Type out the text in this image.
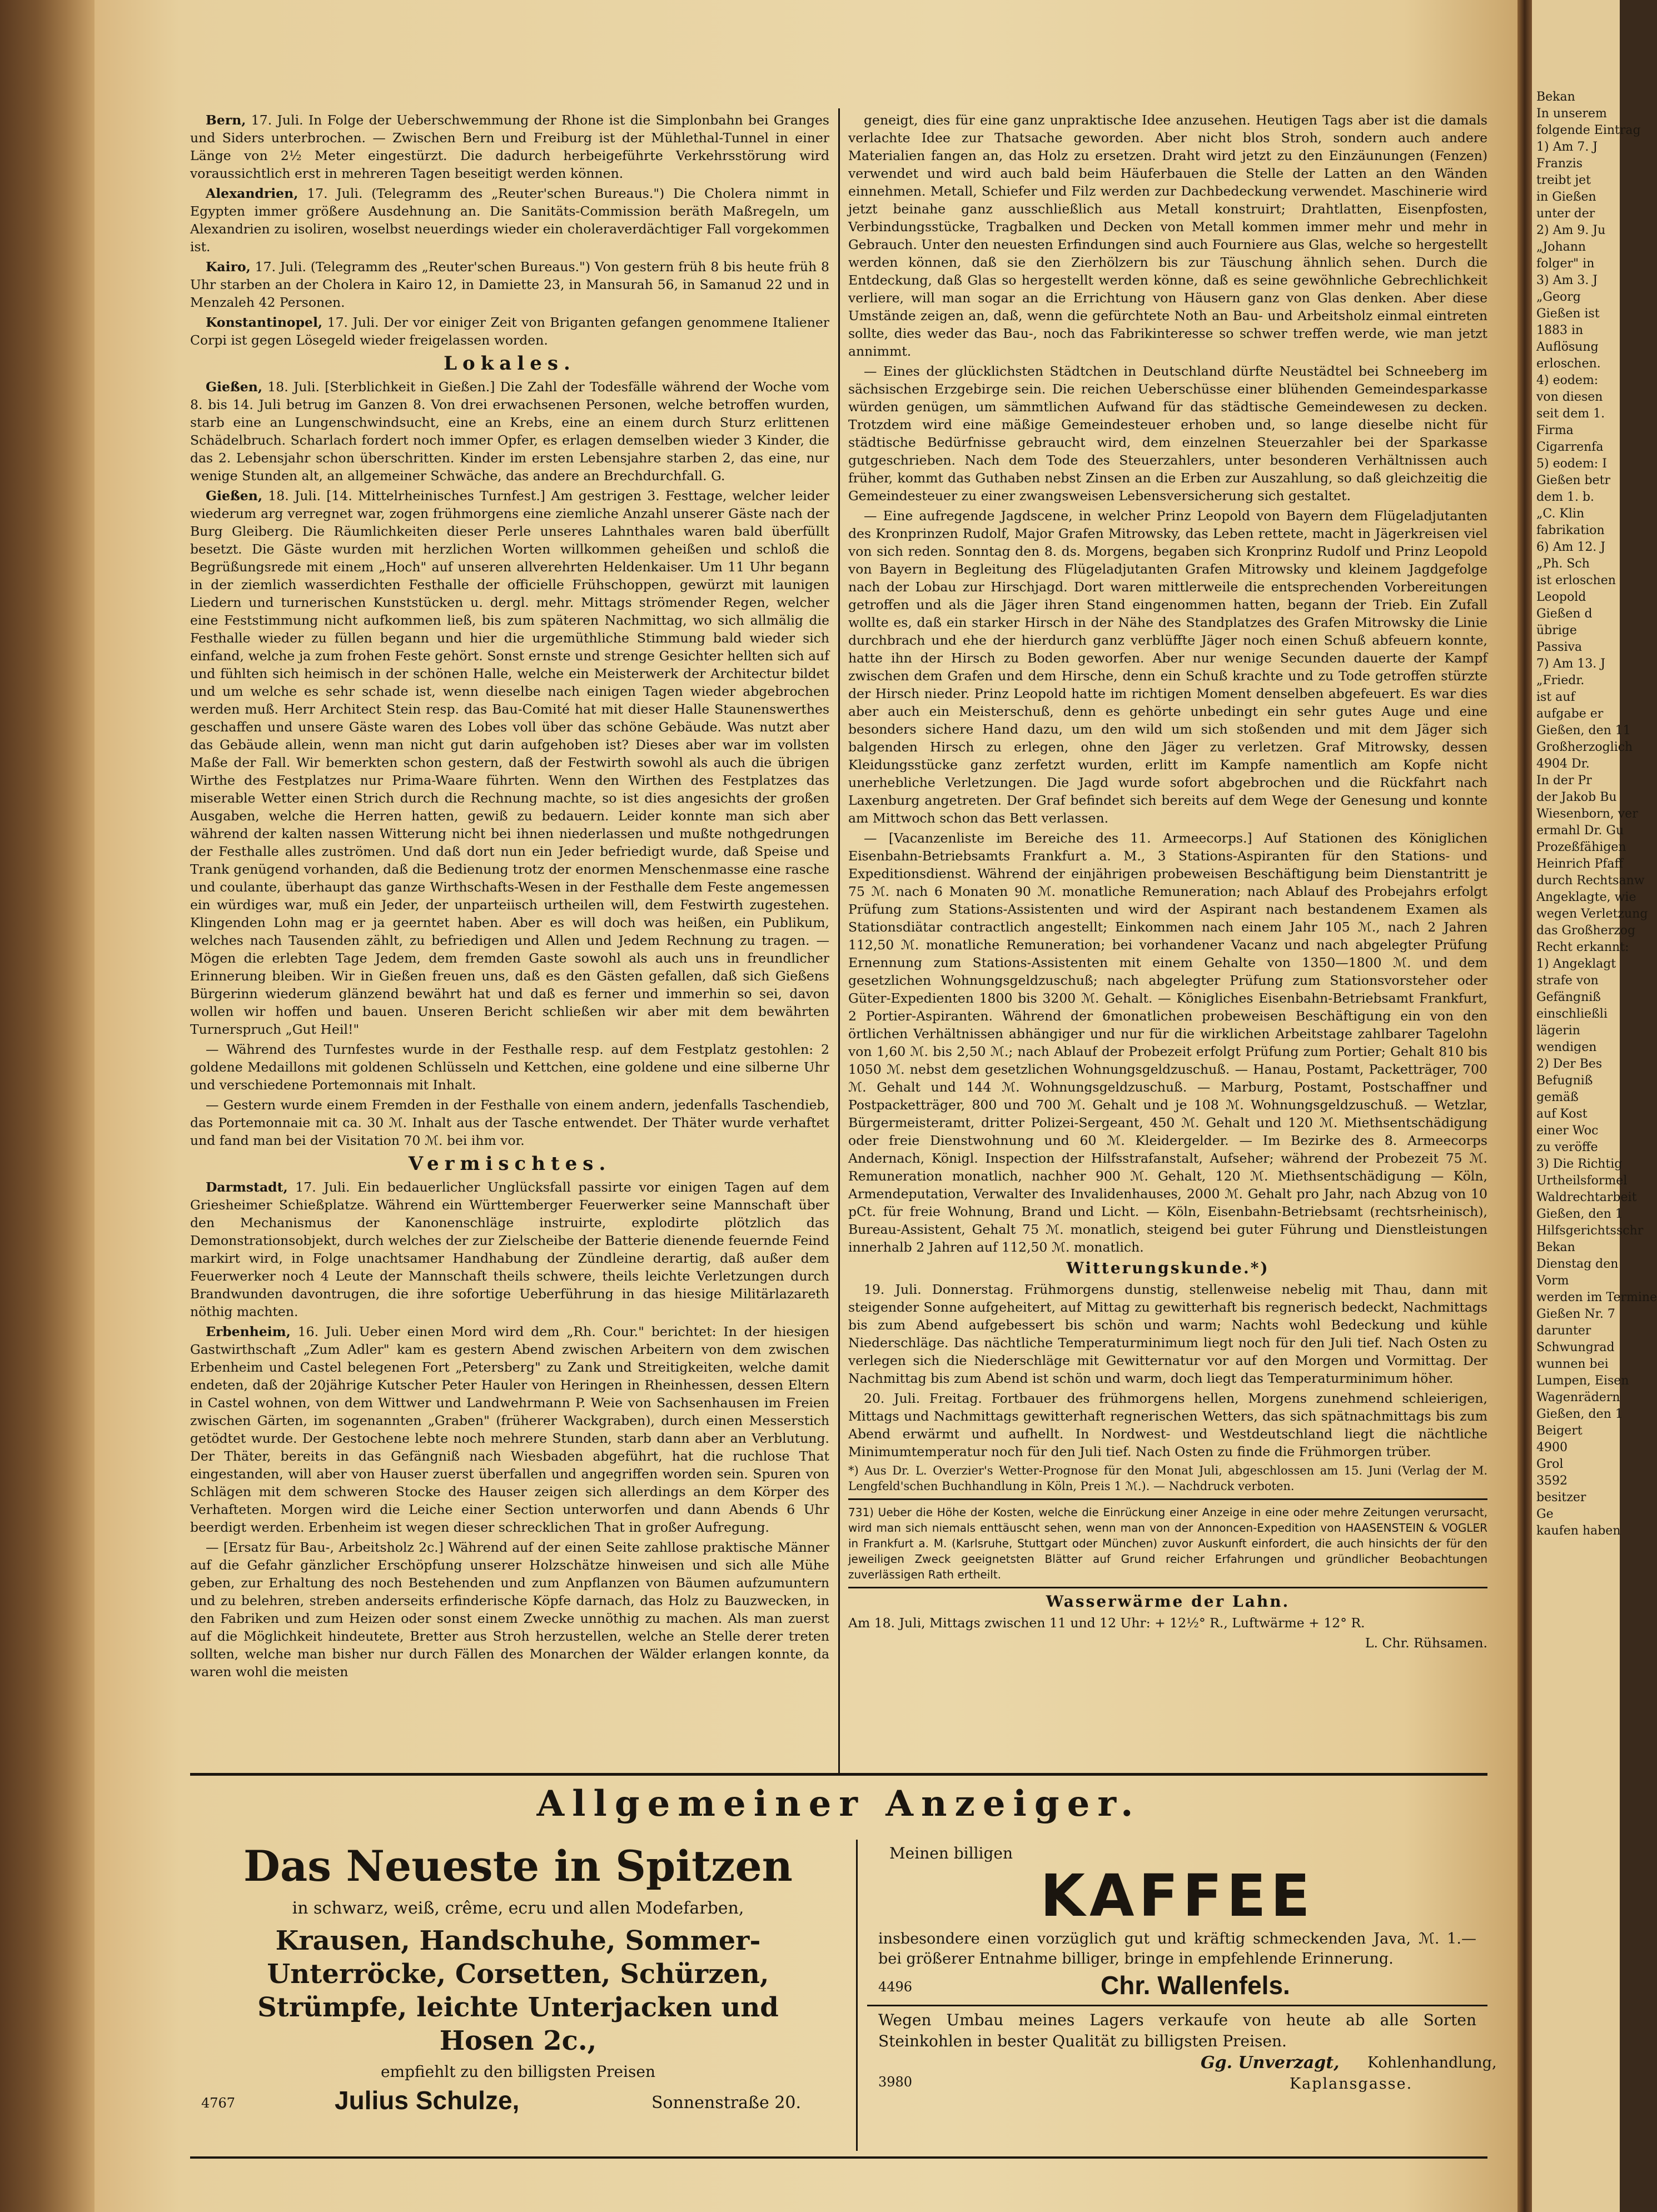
Bern, 17. Juli. In Folge der Ueberschwemmung der Rhone ist die Simplonbahn bei Granges und Siders unterbrochen. — Zwischen Bern und Freiburg ist der Mühlethal-Tunnel in einer Länge von 2½ Meter eingestürzt. Die dadurch herbeigeführte Verkehrsstörung wird voraussichtlich erst in mehreren Tagen beseitigt werden können.

Alexandrien, 17. Juli. (Telegramm des „Reuter'schen Bureaus.") Die Cholera nimmt in Egypten immer größere Ausdehnung an. Die Sanitäts-Commission beräth Maßregeln, um Alexandrien zu isoliren, woselbst neuerdings wieder ein choleraverdächtiger Fall vorgekommen ist.

Kairo, 17. Juli. (Telegramm des „Reuter'schen Bureaus.") Von gestern früh 8 bis heute früh 8 Uhr starben an der Cholera in Kairo 12, in Damiette 23, in Mansurah 56, in Samanud 22 und in Menzaleh 42 Personen.

Konstantinopel, 17. Juli. Der vor einiger Zeit von Briganten gefangen genommene Italiener Corpi ist gegen Lösegeld wieder freigelassen worden.

Lokales.

Gießen, 18. Juli. [Sterblichkeit in Gießen.] Die Zahl der Todesfälle während der Woche vom 8. bis 14. Juli betrug im Ganzen 8. Von drei erwachsenen Personen, welche betroffen wurden, starb eine an Lungenschwindsucht, eine an Krebs, eine an einem durch Sturz erlittenen Schädelbruch. Scharlach fordert noch immer Opfer, es erlagen demselben wieder 3 Kinder, die das 2. Lebensjahr schon überschritten. Kinder im ersten Lebensjahre starben 2, das eine, nur wenige Stunden alt, an allgemeiner Schwäche, das andere an Brechdurchfall. G.

Gießen, 18. Juli. [14. Mittelrheinisches Turnfest.] Am gestrigen 3. Festtage, welcher leider wiederum arg verregnet war, zogen frühmorgens eine ziemliche Anzahl unserer Gäste nach der Burg Gleiberg. Die Räumlichkeiten dieser Perle unseres Lahnthales waren bald überfüllt besetzt. Die Gäste wurden mit herzlichen Worten willkommen geheißen und schloß die Begrüßungsrede mit einem „Hoch" auf unseren allverehrten Heldenkaiser. Um 11 Uhr begann in der ziemlich wasserdichten Festhalle der officielle Frühschoppen, gewürzt mit launigen Liedern und turnerischen Kunststücken u. dergl. mehr. Mittags strömender Regen, welcher eine Feststimmung nicht aufkommen ließ, bis zum späteren Nachmittag, wo sich allmälig die Festhalle wieder zu füllen begann und hier die urgemüthliche Stimmung bald wieder sich einfand, welche ja zum frohen Feste gehört. Sonst ernste und strenge Gesichter hellten sich auf und fühlten sich heimisch in der schönen Halle, welche ein Meisterwerk der Architectur bildet und um welche es sehr schade ist, wenn dieselbe nach einigen Tagen wieder abgebrochen werden muß. Herr Architect Stein resp. das Bau-Comité hat mit dieser Halle Staunenswerthes geschaffen und unsere Gäste waren des Lobes voll über das schöne Gebäude. Was nutzt aber das Gebäude allein, wenn man nicht gut darin aufgehoben ist? Dieses aber war im vollsten Maße der Fall. Wir bemerkten schon gestern, daß der Festwirth sowohl als auch die übrigen Wirthe des Festplatzes nur Prima-Waare führten. Wenn den Wirthen des Festplatzes das miserable Wetter einen Strich durch die Rechnung machte, so ist dies angesichts der großen Ausgaben, welche die Herren hatten, gewiß zu bedauern. Leider konnte man sich aber während der kalten nassen Witterung nicht bei ihnen niederlassen und mußte nothgedrungen der Festhalle alles zuströmen. Und daß dort nun ein Jeder befriedigt wurde, daß Speise und Trank genügend vorhanden, daß die Bedienung trotz der enormen Menschenmasse eine rasche und coulante, überhaupt das ganze Wirthschafts-Wesen in der Festhalle dem Feste angemessen ein würdiges war, muß ein Jeder, der unparteiisch urtheilen will, dem Festwirth zugestehen. Klingenden Lohn mag er ja geerntet haben. Aber es will doch was heißen, ein Publikum, welches nach Tausenden zählt, zu befriedigen und Allen und Jedem Rechnung zu tragen. — Mögen die erlebten Tage Jedem, dem fremden Gaste sowohl als auch uns in freundlicher Erinnerung bleiben. Wir in Gießen freuen uns, daß es den Gästen gefallen, daß sich Gießens Bürgerinn wiederum glänzend bewährt hat und daß es ferner und immerhin so sei, davon wollen wir hoffen und bauen. Unseren Bericht schließen wir aber mit dem bewährten Turnerspruch „Gut Heil!"

— Während des Turnfestes wurde in der Festhalle resp. auf dem Festplatz gestohlen: 2 goldene Medaillons mit goldenen Schlüsseln und Kettchen, eine goldene und eine silberne Uhr und verschiedene Portemonnais mit Inhalt.

— Gestern wurde einem Fremden in der Festhalle von einem andern, jedenfalls Taschendieb, das Portemonnaie mit ca. 30 ℳ. Inhalt aus der Tasche entwendet. Der Thäter wurde verhaftet und fand man bei der Visitation 70 ℳ. bei ihm vor.

Vermischtes.

Darmstadt, 17. Juli. Ein bedauerlicher Unglücksfall passirte vor einigen Tagen auf dem Griesheimer Schießplatze. Während ein Württemberger Feuerwerker seine Mannschaft über den Mechanismus der Kanonenschläge instruirte, explodirte plötzlich das Demonstrationsobjekt, durch welches der zur Zielscheibe der Batterie dienende feuernde Feind markirt wird, in Folge unachtsamer Handhabung der Zündleine derartig, daß außer dem Feuerwerker noch 4 Leute der Mannschaft theils schwere, theils leichte Verletzungen durch Brandwunden davontrugen, die ihre sofortige Ueberführung in das hiesige Militärlazareth nöthig machten.

Erbenheim, 16. Juli. Ueber einen Mord wird dem „Rh. Cour." berichtet: In der hiesigen Gastwirthschaft „Zum Adler" kam es gestern Abend zwischen Arbeitern von dem zwischen Erbenheim und Castel belegenen Fort „Petersberg" zu Zank und Streitigkeiten, welche damit endeten, daß der 20jährige Kutscher Peter Hauler von Heringen in Rheinhessen, dessen Eltern in Castel wohnen, von dem Wittwer und Landwehrmann P. Weie von Sachsenhausen im Freien zwischen Gärten, im sogenannten „Graben" (früherer Wackgraben), durch einen Messerstich getödtet wurde. Der Gestochene lebte noch mehrere Stunden, starb dann aber an Verblutung. Der Thäter, bereits in das Gefängniß nach Wiesbaden abgeführt, hat die ruchlose That eingestanden, will aber von Hauser zuerst überfallen und angegriffen worden sein. Spuren von Schlägen mit dem schweren Stocke des Hauser zeigen sich allerdings an dem Körper des Verhafteten. Morgen wird die Leiche einer Section unterworfen und dann Abends 6 Uhr beerdigt werden. Erbenheim ist wegen dieser schrecklichen That in großer Aufregung.

— [Ersatz für Bau-, Arbeitsholz 2c.] Während auf der einen Seite zahllose praktische Männer auf die Gefahr gänzlicher Erschöpfung unserer Holzschätze hinweisen und sich alle Mühe geben, zur Erhaltung des noch Bestehenden und zum Anpflanzen von Bäumen aufzumuntern und zu belehren, streben anderseits erfinderische Köpfe darnach, das Holz zu Bauzwecken, in den Fabriken und zum Heizen oder sonst einem Zwecke unnöthig zu machen. Als man zuerst auf die Möglichkeit hindeutete, Bretter aus Stroh herzustellen, welche an Stelle derer treten sollten, welche man bisher nur durch Fällen des Monarchen der Wälder erlangen konnte, da waren wohl die meisten

geneigt, dies für eine ganz unpraktische Idee anzusehen. Heutigen Tags aber ist die damals verlachte Idee zur Thatsache geworden. Aber nicht blos Stroh, sondern auch andere Materialien fangen an, das Holz zu ersetzen. Draht wird jetzt zu den Einzäunungen (Fenzen) verwendet und wird auch bald beim Häuferbauen die Stelle der Latten an den Wänden einnehmen. Metall, Schiefer und Filz werden zur Dachbedeckung verwendet. Maschinerie wird jetzt beinahe ganz ausschließlich aus Metall konstruirt; Drahtlatten, Eisenpfosten, Verbindungsstücke, Tragbalken und Decken von Metall kommen immer mehr und mehr in Gebrauch. Unter den neuesten Erfindungen sind auch Fourniere aus Glas, welche so hergestellt werden können, daß sie den Zierhölzern bis zur Täuschung ähnlich sehen. Durch die Entdeckung, daß Glas so hergestellt werden könne, daß es seine gewöhnliche Gebrechlichkeit verliere, will man sogar an die Errichtung von Häusern ganz von Glas denken. Aber diese Umstände zeigen an, daß, wenn die gefürchtete Noth an Bau- und Arbeitsholz einmal eintreten sollte, dies weder das Bau-, noch das Fabrikinteresse so schwer treffen werde, wie man jetzt annimmt.

— Eines der glücklichsten Städtchen in Deutschland dürfte Neustädtel bei Schneeberg im sächsischen Erzgebirge sein. Die reichen Ueberschüsse einer blühenden Gemeindesparkasse würden genügen, um sämmtlichen Aufwand für das städtische Gemeindewesen zu decken. Trotzdem wird eine mäßige Gemeindesteuer erhoben und, so lange dieselbe nicht für städtische Bedürfnisse gebraucht wird, dem einzelnen Steuerzahler bei der Sparkasse gutgeschrieben. Nach dem Tode des Steuerzahlers, unter besonderen Verhältnissen auch früher, kommt das Guthaben nebst Zinsen an die Erben zur Auszahlung, so daß gleichzeitig die Gemeindesteuer zu einer zwangsweisen Lebensversicherung sich gestaltet.

— Eine aufregende Jagdscene, in welcher Prinz Leopold von Bayern dem Flügeladjutanten des Kronprinzen Rudolf, Major Grafen Mitrowsky, das Leben rettete, macht in Jägerkreisen viel von sich reden. Sonntag den 8. ds. Morgens, begaben sich Kronprinz Rudolf und Prinz Leopold von Bayern in Begleitung des Flügeladjutanten Grafen Mitrowsky und kleinem Jagdgefolge nach der Lobau zur Hirschjagd. Dort waren mittlerweile die entsprechenden Vorbereitungen getroffen und als die Jäger ihren Stand eingenommen hatten, begann der Trieb. Ein Zufall wollte es, daß ein starker Hirsch in der Nähe des Standplatzes des Grafen Mitrowsky die Linie durchbrach und ehe der hierdurch ganz verblüffte Jäger noch einen Schuß abfeuern konnte, hatte ihn der Hirsch zu Boden geworfen. Aber nur wenige Secunden dauerte der Kampf zwischen dem Grafen und dem Hirsche, denn ein Schuß krachte und zu Tode getroffen stürzte der Hirsch nieder. Prinz Leopold hatte im richtigen Moment denselben abgefeuert. Es war dies aber auch ein Meisterschuß, denn es gehörte unbedingt ein sehr gutes Auge und eine besonders sichere Hand dazu, um den wild um sich stoßenden und mit dem Jäger sich balgenden Hirsch zu erlegen, ohne den Jäger zu verletzen. Graf Mitrowsky, dessen Kleidungsstücke ganz zerfetzt wurden, erlitt im Kampfe namentlich am Kopfe nicht unerhebliche Verletzungen. Die Jagd wurde sofort abgebrochen und die Rückfahrt nach Laxenburg angetreten. Der Graf befindet sich bereits auf dem Wege der Genesung und konnte am Mittwoch schon das Bett verlassen.

— [Vacanzenliste im Bereiche des 11. Armeecorps.] Auf Stationen des Königlichen Eisenbahn-Betriebsamts Frankfurt a. M., 3 Stations-Aspiranten für den Stations- und Expeditionsdienst. Während der einjährigen probeweisen Beschäftigung beim Dienstantritt je 75 ℳ. nach 6 Monaten 90 ℳ. monatliche Remuneration; nach Ablauf des Probejahrs erfolgt Prüfung zum Stations-Assistenten und wird der Aspirant nach bestandenem Examen als Stationsdiätar contractlich angestellt; Einkommen nach einem Jahr 105 ℳ., nach 2 Jahren 112,50 ℳ. monatliche Remuneration; bei vorhandener Vacanz und nach abgelegter Prüfung Ernennung zum Stations-Assistenten mit einem Gehalte von 1350—1800 ℳ. und dem gesetzlichen Wohnungsgeldzuschuß; nach abgelegter Prüfung zum Stationsvorsteher oder Güter-Expedienten 1800 bis 3200 ℳ. Gehalt. — Königliches Eisenbahn-Betriebsamt Frankfurt, 2 Portier-Aspiranten. Während der 6monatlichen probeweisen Beschäftigung ein von den örtlichen Verhältnissen abhängiger und nur für die wirklichen Arbeitstage zahlbarer Tagelohn von 1,60 ℳ. bis 2,50 ℳ.; nach Ablauf der Probezeit erfolgt Prüfung zum Portier; Gehalt 810 bis 1050 ℳ. nebst dem gesetzlichen Wohnungsgeldzuschuß. — Hanau, Postamt, Packetträger, 700 ℳ. Gehalt und 144 ℳ. Wohnungsgeldzuschuß. — Marburg, Postamt, Postschaffner und Postpacketträger, 800 und 700 ℳ. Gehalt und je 108 ℳ. Wohnungsgeldzuschuß. — Wetzlar, Bürgermeisteramt, dritter Polizei-Sergeant, 450 ℳ. Gehalt und 120 ℳ. Miethsentschädigung oder freie Dienstwohnung und 60 ℳ. Kleidergelder. — Im Bezirke des 8. Armeecorps Andernach, Königl. Inspection der Hilfsstrafanstalt, Aufseher; während der Probezeit 75 ℳ. Remuneration monatlich, nachher 900 ℳ. Gehalt, 120 ℳ. Miethsentschädigung — Köln, Armendeputation, Verwalter des Invalidenhauses, 2000 ℳ. Gehalt pro Jahr, nach Abzug von 10 pCt. für freie Wohnung, Brand und Licht. — Köln, Eisenbahn-Betriebsamt (rechtsrheinisch), Bureau-Assistent, Gehalt 75 ℳ. monatlich, steigend bei guter Führung und Dienstleistungen innerhalb 2 Jahren auf 112,50 ℳ. monatlich.

Witterungskunde.*)

19. Juli. Donnerstag. Frühmorgens dunstig, stellenweise nebelig mit Thau, dann mit steigender Sonne aufgeheitert, auf Mittag zu gewitterhaft bis regnerisch bedeckt, Nachmittags bis zum Abend aufgebessert bis schön und warm; Nachts wohl Bedeckung und kühle Niederschläge. Das nächtliche Temperaturminimum liegt noch für den Juli tief. Nach Osten zu verlegen sich die Niederschläge mit Gewitternatur vor auf den Morgen und Vormittag. Der Nachmittag bis zum Abend ist schön und warm, doch liegt das Temperaturminimum höher.

20. Juli. Freitag. Fortbauer des frühmorgens hellen, Morgens zunehmend schleierigen, Mittags und Nachmittags gewitterhaft regnerischen Wetters, das sich spätnachmittags bis zum Abend erwärmt und aufhellt. In Nordwest- und Westdeutschland liegt die nächtliche Minimumtemperatur noch für den Juli tief. Nach Osten zu finde die Frühmorgen trüber.

*) Aus Dr. L. Overzier's Wetter-Prognose für den Monat Juli, abgeschlossen am 15. Juni (Verlag der M. Lengfeld'schen Buchhandlung in Köln, Preis 1 ℳ.). — Nachdruck verboten.

731) Ueber die Höhe der Kosten, welche die Einrückung einer Anzeige in eine oder mehre Zeitungen verursacht, wird man sich niemals enttäuscht sehen, wenn man von der Annoncen-Expedition von HAASENSTEIN & VOGLER in Frankfurt a. M. (Karlsruhe, Stuttgart oder München) zuvor Auskunft einfordert, die auch hinsichts der für den jeweiligen Zweck geeignetsten Blätter auf Grund reicher Erfahrungen und gründlicher Beobachtungen zuverlässigen Rath ertheilt.

Wasserwärme der Lahn.

Am 18. Juli, Mittags zwischen 11 und 12 Uhr: + 12½° R., Luftwärme + 12° R.

L. Chr. Rühsamen.

Allgemeiner Anzeiger.
Das Neueste in Spitzen
in schwarz, weiß, crême, ecru und allen Modefarben,
Krausen, Handschuhe, Sommer-Unterröcke, Corsetten, Schürzen, Strümpfe, leichte Unterjacken und Hosen 2c.,
empfiehlt zu den billigsten Preisen
4767	Julius Schulze,	Sonnenstraße 20.
Meinen billigen
KAFFEE
insbesondere einen vorzüglich gut und kräftig schmeckenden Java, ℳ. 1.— bei größerer Entnahme billiger, bringe in empfehlende Erinnerung.
4496	Chr. Wallenfels.
Wegen Umbau meines Lagers verkaufe von heute ab alle Sorten Steinkohlen in bester Qualität zu billigsten Preisen.
3980
Gg. Unverzagt, Kohlenhandlung,
Kaplansgasse.
Bekan
In unserem
folgende Eintrag
1) Am 7. J
Franzis
treibt jet
in Gießen
unter der
2) Am 9. Ju
„Johann
folger" in
3) Am 3. J
„Georg
Gießen ist
1883 in
Auflösung
erloschen.
4) eodem:
von diesen
seit dem 1.
Firma
Cigarrenfa
5) eodem: I
Gießen betr
dem 1. b.
„C. Klin
fabrikation
6) Am 12. J
„Ph. Sch
ist erloschen
Leopold
Gießen d
übrige
Passiva
7) Am 13. J
„Friedr.
ist auf
aufgabe er
Gießen, den 11
Großherzoglich
4904 Dr.
In der Pr
der Jakob Bu
Wiesenborn, ver
ermahl Dr. Gu
Prozeßfähigen
Heinrich Pfaff
durch Rechtsanw
Angeklagte, wie
wegen Verletzung
das Großherzog
Recht erkannt:
1) Angeklagt
strafe von
Gefängniß
einschließli
lägerin
wendigen
2) Der Bes
Befugniß
gemäß
auf Kost
einer Woc
zu veröffe
3) Die Richtig
Urtheilsformel
Waldrechtarbeit
Gießen, den 1
Hilfsgerichtsschr
Bekan
Dienstag den
Vorm
werden im Termine
Gießen Nr. 7
darunter
Schwungrad
wunnen bei
Lumpen, Eisen
Wagenrädern
Gießen, den 1
Beigert
4900
Grol
3592
besitzer
Ge
kaufen haben
